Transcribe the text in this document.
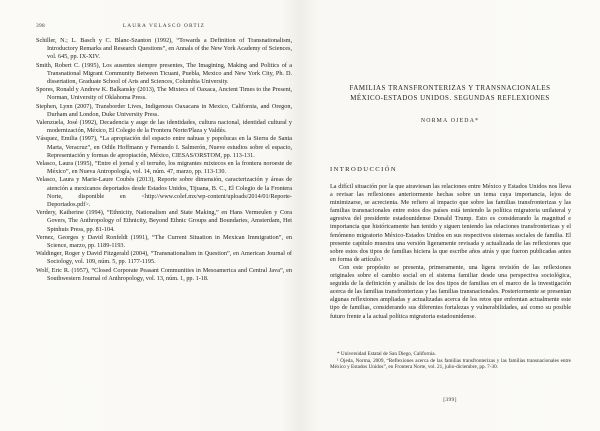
398	LAURA VELASCO ORTIZ

Schiller, N.; L. Basch y C. Blanc-Szanton (1992), “Towards a Definition of Transnationalism, Introductory Remarks and Research Questions”, en Annals of the New York Academy of Sciences, vol. 645, pp. IX-XIV.

Smith, Robert C. (1995), Los ausentes siempre presentes, The Imagining, Making and Politics of a Transnational Migrant Community Between Ticuani, Puebla, Mexico and New York City, Ph. D. dissertation, Graduate School of Arts and Sciences, Columbia University.

Spores, Ronald y Andrew K. Balkansky (2013), The Mixtecs of Oaxaca, Ancient Times to the Present, Norman, University of Oklahoma Press.

Stephen, Lynn (2007), Transborder Lives, Indigenous Oaxacans in Mexico, California, and Oregon, Durham and London, Duke University Press.

Valenzuela, José (1992), Decadencia y auge de las identidades, cultura nacional, identidad cultural y modernización, México, El Colegio de la Frontera Norte/Plaza y Valdés.

Vásquez, Emilia (1997), “La apropiación del espacio entre nahuas y popolucas en la Sierra de Santa Marta, Veracruz”, en Odile Hoffmann y Fernando I. Salmerón, Nueve estudios sobre el espacio, Representación y formas de apropiación, México, CIESAS/ORSTOM, pp. 113-131.

Velasco, Laura (1995), “Entre el jornal y el terruño, los migrantes mixtecos en la frontera noroeste de México”, en Nueva Antropología, vol. 14, núm. 47, marzo, pp. 113-130.

Velasco, Laura y Marie-Laure Coubès (2013), Reporte sobre dimensión, caracterización y áreas de atención a mexicanos deportados desde Estados Unidos, Tijuana, B. C., El Colegio de la Frontera Norte, disponible en <http://www.colef.mx/wp-content/uploads/2014/01/Reporte-Deportados.pdf>.

Verdery, Katherine (1994), “Ethnicity, Nationalism and State Making,” en Hans Vermeulen y Cora Govers, The Anthropology of Ethnicity, Beyond Ethnic Groups and Boundaries, Amsterdam, Het Spinhuis Press, pp. 81-104.

Vernez, Georges y David Ronfeldt (1991), “The Current Situation in Mexican Immigration”, en Science, marzo, pp. 1189-1193.

Waldinger, Roger y David Fitzgerald (2004), “Transnationalism in Question”, en American Journal of Sociology, vol. 109, núm. 5, pp. 1177-1195.

Wolf, Eric R. (1957), “Closed Corporate Peasant Communities in Mesoamerica and Central Java”, en Southwestern Journal of Anthropology, vol. 13, núm. 1, pp. 1-18.

FAMILIAS TRANSFRONTERIZAS Y TRANSNACIONALES
MÉXICO-ESTADOS UNIDOS. SEGUNDAS REFLEXIONES
NORMA OJEDA*
INTRODUCCIÓN

La difícil situación por la que atraviesan las relaciones entre México y Estados Unidos nos lleva a revisar las reflexiones anteriormente hechas sobre un tema cuya importancia, lejos de minimizarse, se acrecienta. Me refiero al impacto que sobre las familias transfronterizas y las familias transnacionales entre estos dos países está teniendo la política migratoria unilateral y agresiva del presidente estadounidense Donald Trump. Esto es considerando la magnitud e importancia que históricamente han tenido y siguen teniendo las relaciones transfronterizas y el fenómeno migratorio México-Estados Unidos en sus respectivos sistemas sociales de familia. El presente capítulo muestra una versión ligeramente revisada y actualizada de las reflexiones que sobre estos dos tipos de familias hiciera la que escribe años atrás y que fueron publicadas antes en forma de artículo.¹

Con este propósito se presenta, primeramente, una ligera revisión de las reflexiones originales sobre el cambio social en el sistema familiar desde una perspectiva sociológica, seguida de la definición y análisis de los dos tipos de familias en el marco de la investigación acerca de las familias transfronterizas y las familias transnacionales. Posteriormente se presentan algunas reflexiones ampliadas y actualizadas acerca de los retos que enfrentan actualmente este tipo de familias, considerando sus diferentes fortalezas y vulnerabilidades, así como su posible futuro frente a la actual política migratoria estadounidense.

* Universidad Estatal de San Diego, California.

¹ Ojeda, Norma, 2009, “Reflexiones acerca de las familias transfronterizas y las familias transnacionales entre México y Estados Unidos”, en Frontera Norte, vol. 21, julio-diciembre, pp. 7-30.

[399]
